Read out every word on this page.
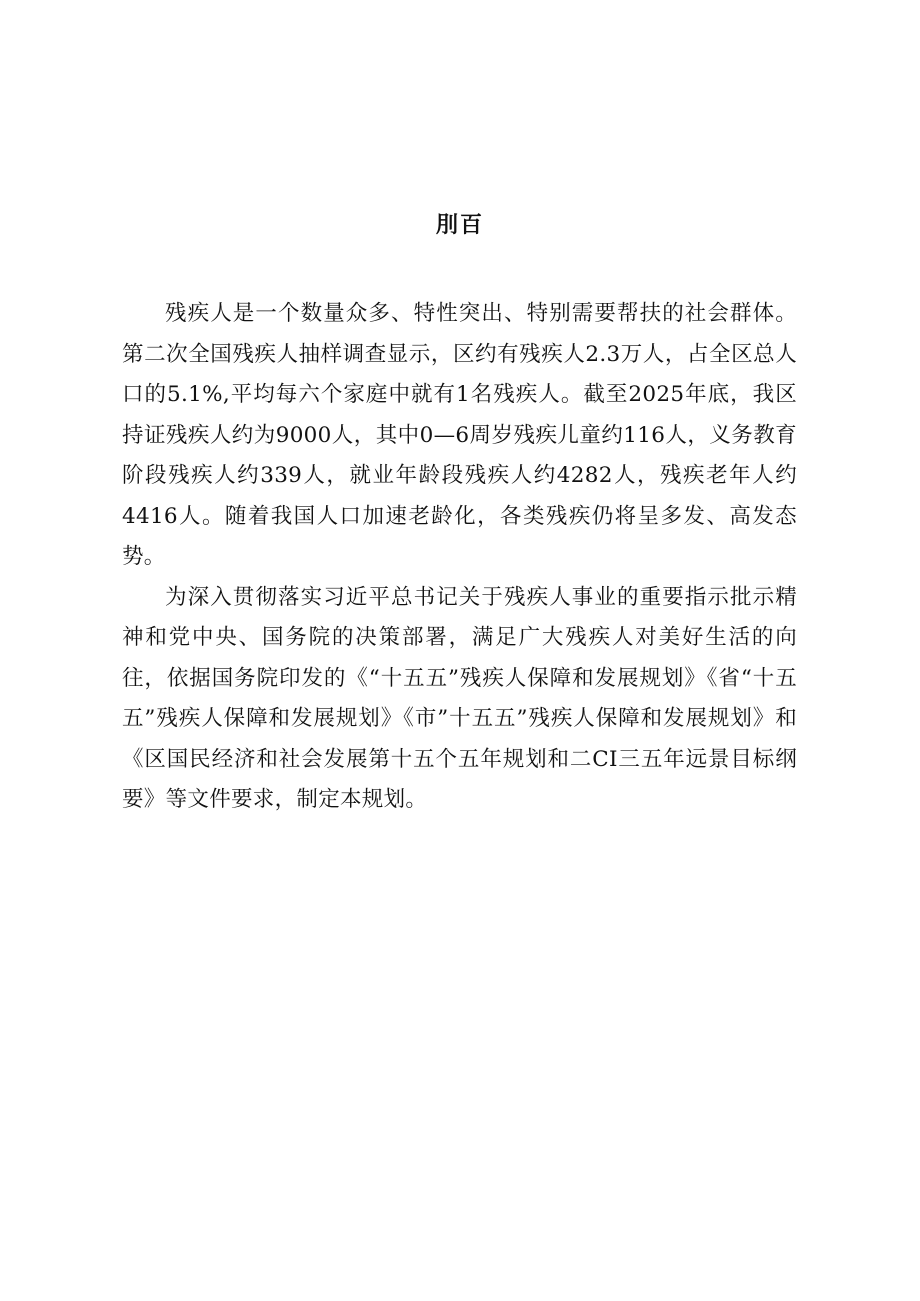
刖百

残疾人是一个数量众多、特性突出、特别需要帮扶的社会群体。第二次全国残疾人抽样调查显示，区约有残疾人2.3万人，占全区总人口的5.1%,平均每六个家庭中就有1名残疾人。截至2025年底，我区持证残疾人约为9000人，其中0—6周岁残疾儿童约116人，义务教育阶段残疾人约339人，就业年龄段残疾人约4282人，残疾老年人约4416人。随着我国人口加速老龄化，各类残疾仍将呈多发、高发态势。

为深入贯彻落实习近平总书记关于残疾人事业的重要指示批示精神和党中央、国务院的决策部署，满足广大残疾人对美好生活的向往，依据国务院印发的《“十五五”残疾人保障和发展规划》《省“十五五”残疾人保障和发展规划》《市”十五五”残疾人保障和发展规划》和《区国民经济和社会发展第十五个五年规划和二CI三五年远景目标纲要》等文件要求，制定本规划。
